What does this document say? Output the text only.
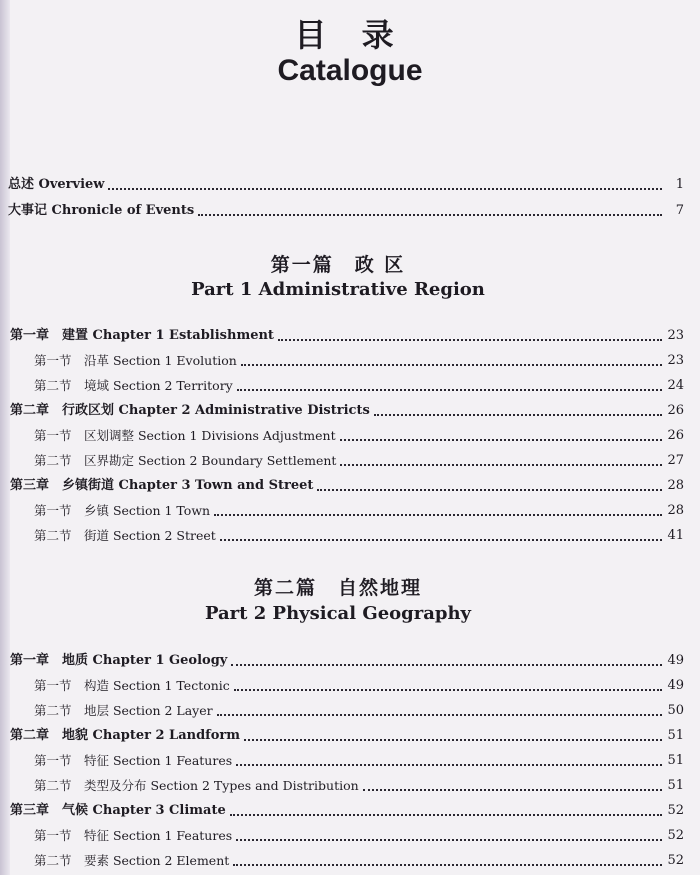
目 录
Catalogue
总述 Overview	1
大事记 Chronicle of Events	7
第一篇　政 区
Part 1 Administrative Region
第一章　建置 Chapter 1 Establishment	23
第一节　沿革 Section 1 Evolution	23
第二节　境域 Section 2 Territory	24
第二章　行政区划 Chapter 2 Administrative Districts	26
第一节　区划调整 Section 1 Divisions Adjustment	26
第二节　区界勘定 Section 2 Boundary Settlement	27
第三章　乡镇街道 Chapter 3 Town and Street	28
第一节　乡镇 Section 1 Town	28
第二节　街道 Section 2 Street	41
第二篇　自然地理
Part 2 Physical Geography
第一章　地质 Chapter 1 Geology	49
第一节　构造 Section 1 Tectonic	49
第二节　地层 Section 2 Layer	50
第二章　地貌 Chapter 2 Landform	51
第一节　特征 Section 1 Features	51
第二节　类型及分布 Section 2 Types and Distribution	51
第三章　气候 Chapter 3 Climate	52
第一节　特征 Section 1 Features	52
第二节　要素 Section 2 Element	52
